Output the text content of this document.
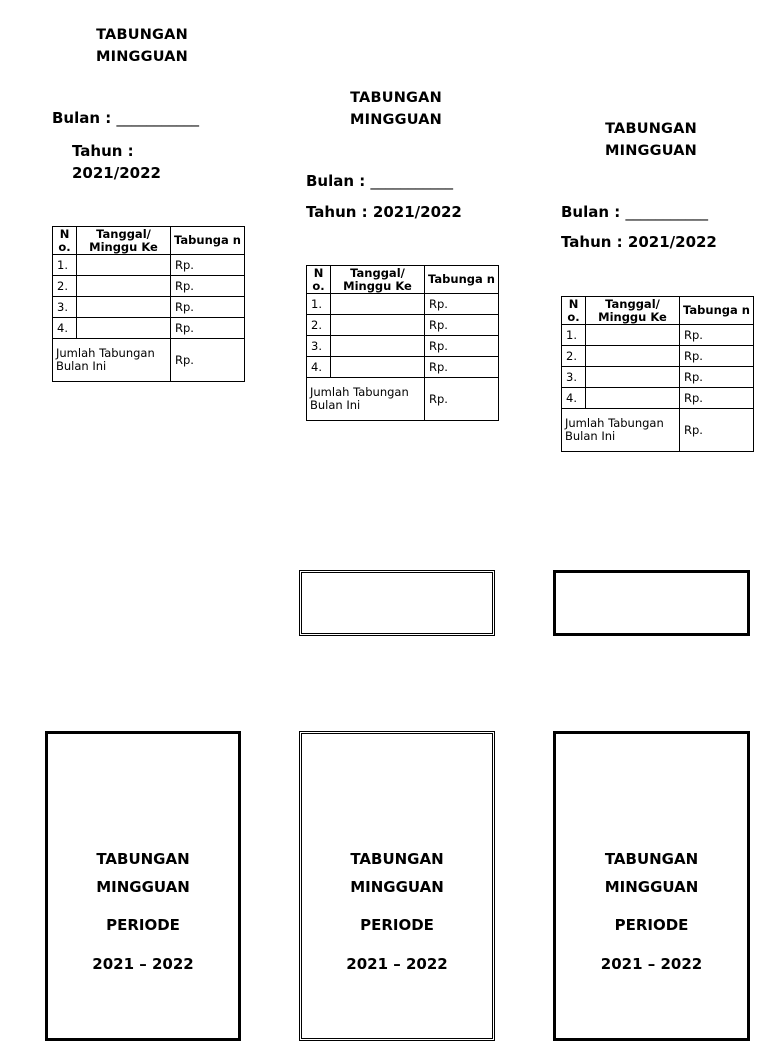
TABUNGAN
MINGGUAN
Bulan : ___________
Tahun :
2021/2022
N o.	Tanggal/ Minggu Ke	Tabunga n
1.		Rp.
2.		Rp.
3.		Rp.
4.		Rp.
Jumlah Tabungan Bulan Ini		Rp.
TABUNGAN
MINGGUAN
PERIODE
2021 – 2022
TABUNGAN
MINGGUAN
Bulan : ___________
Tahun : 2021/2022
N o.	Tanggal/ Minggu Ke	Tabunga n
1.		Rp.
2.		Rp.
3.		Rp.
4.		Rp.
Jumlah Tabungan Bulan Ini		Rp.
TABUNGAN
MINGGUAN
PERIODE
2021 – 2022
TABUNGAN
MINGGUAN
Bulan : ___________
Tahun : 2021/2022
N o.	Tanggal/ Minggu Ke	Tabunga n
1.		Rp.
2.		Rp.
3.		Rp.
4.		Rp.
Jumlah Tabungan Bulan Ini		Rp.
TABUNGAN
MINGGUAN
PERIODE
2021 – 2022
